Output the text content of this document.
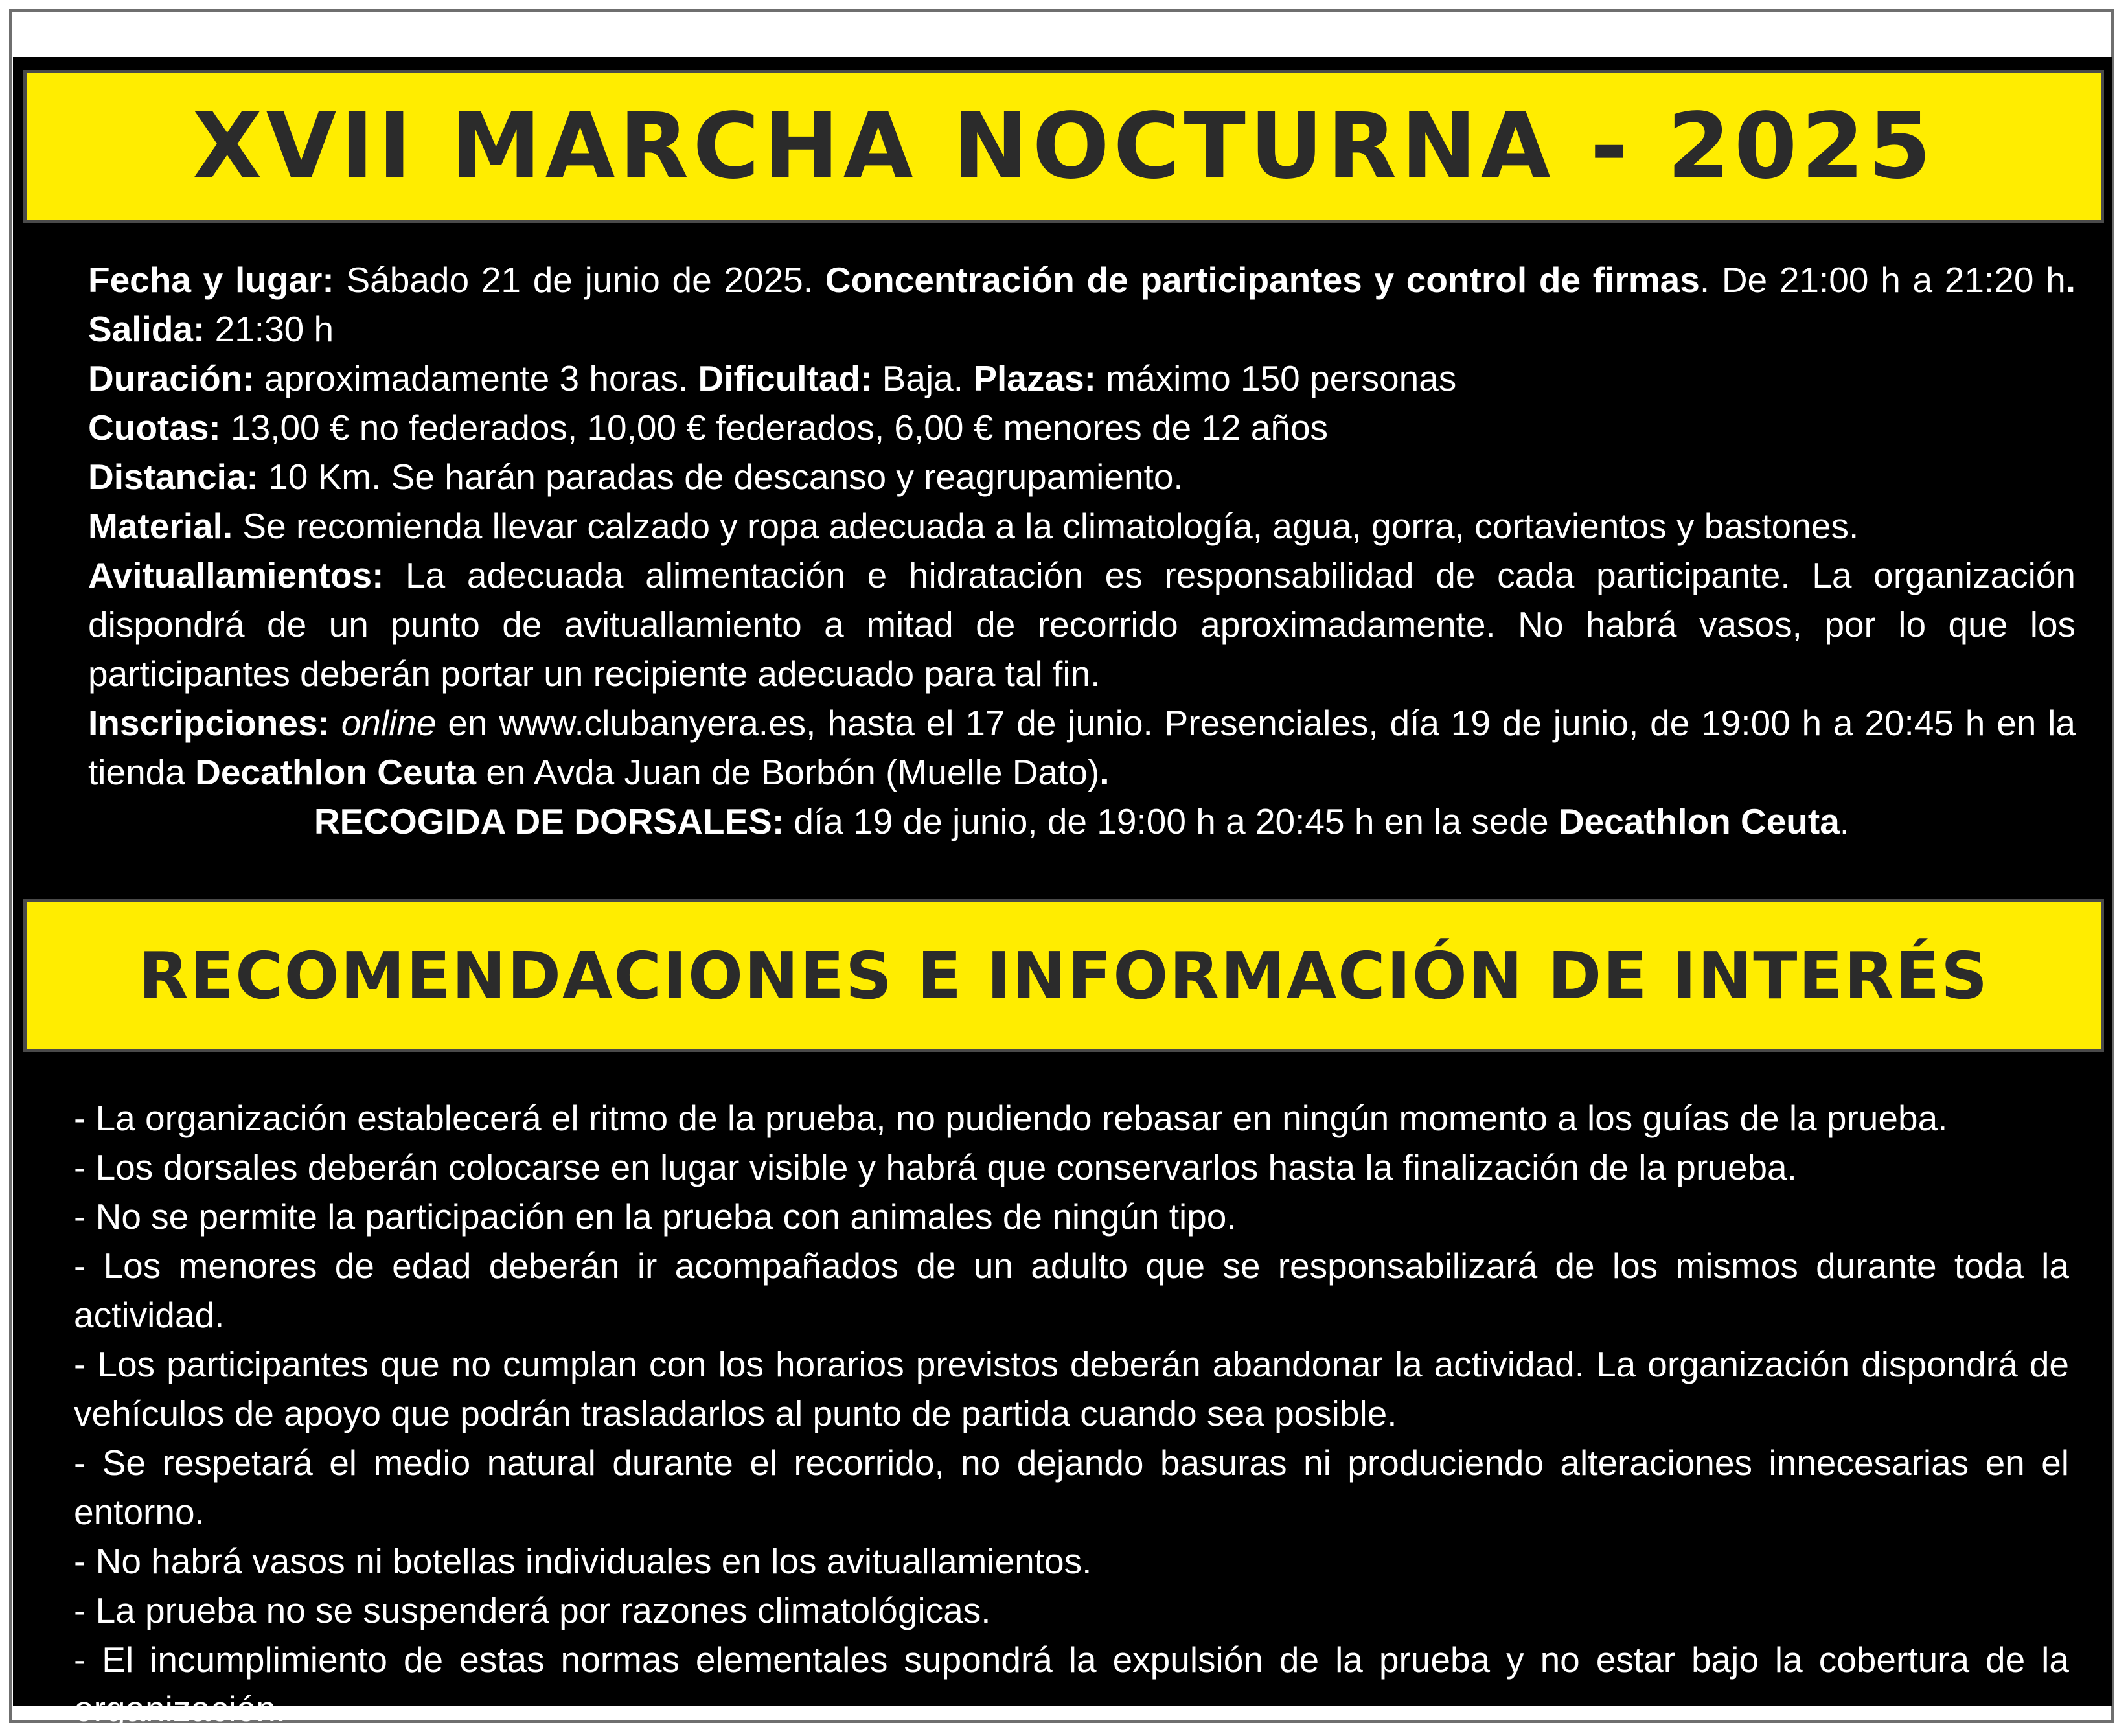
XVII MARCHA NOCTURNA - 2025

Fecha y lugar: Sábado 21 de junio de 2025. Concentración de participantes y control de firmas. De 21:00 h a 21:20 h. Salida: 21:30 h

Duración: aproximadamente 3 horas. Dificultad: Baja. Plazas: máximo 150 personas

Cuotas: 13,00 € no federados, 10,00 € federados, 6,00 € menores de 12 años

Distancia: 10 Km. Se harán paradas de descanso y reagrupamiento.

Material. Se recomienda llevar calzado y ropa adecuada a la climatología, agua, gorra, cortavientos y bastones.

Avituallamientos: La adecuada alimentación e hidratación es responsabilidad de cada participante. La organización dispondrá de un punto de avituallamiento a mitad de recorrido aproximadamente. No habrá vasos, por lo que los participantes deberán portar un recipiente adecuado para tal fin.

Inscripciones: online en www.clubanyera.es, hasta el 17 de junio. Presenciales, día 19 de junio, de 19:00 h a 20:45 h en la tienda Decathlon Ceuta en Avda Juan de Borbón (Muelle Dato).

RECOGIDA DE DORSALES: día 19 de junio, de 19:00 h a 20:45 h en la sede Decathlon Ceuta.

RECOMENDACIONES E INFORMACIÓN DE INTERÉS

- La organización establecerá el ritmo de la prueba, no pudiendo rebasar en ningún momento a los guías de la prueba.

- Los dorsales deberán colocarse en lugar visible y habrá que conservarlos hasta la finalización de la prueba.

- No se permite la participación en la prueba con animales de ningún tipo.

- Los menores de edad deberán ir acompañados de un adulto que se responsabilizará de los mismos durante toda la actividad.

- Los participantes que no cumplan con los horarios previstos deberán abandonar la actividad. La organización dispondrá de vehículos de apoyo que podrán trasladarlos al punto de partida cuando sea posible.

- Se respetará el medio natural durante el recorrido, no dejando basuras ni produciendo alteraciones innecesarias en el entorno.

- No habrá vasos ni botellas individuales en los avituallamientos.

- La prueba no se suspenderá por razones climatológicas.

- El incumplimiento de estas normas elementales supondrá la expulsión de la prueba y no estar bajo la cobertura de la organización.
